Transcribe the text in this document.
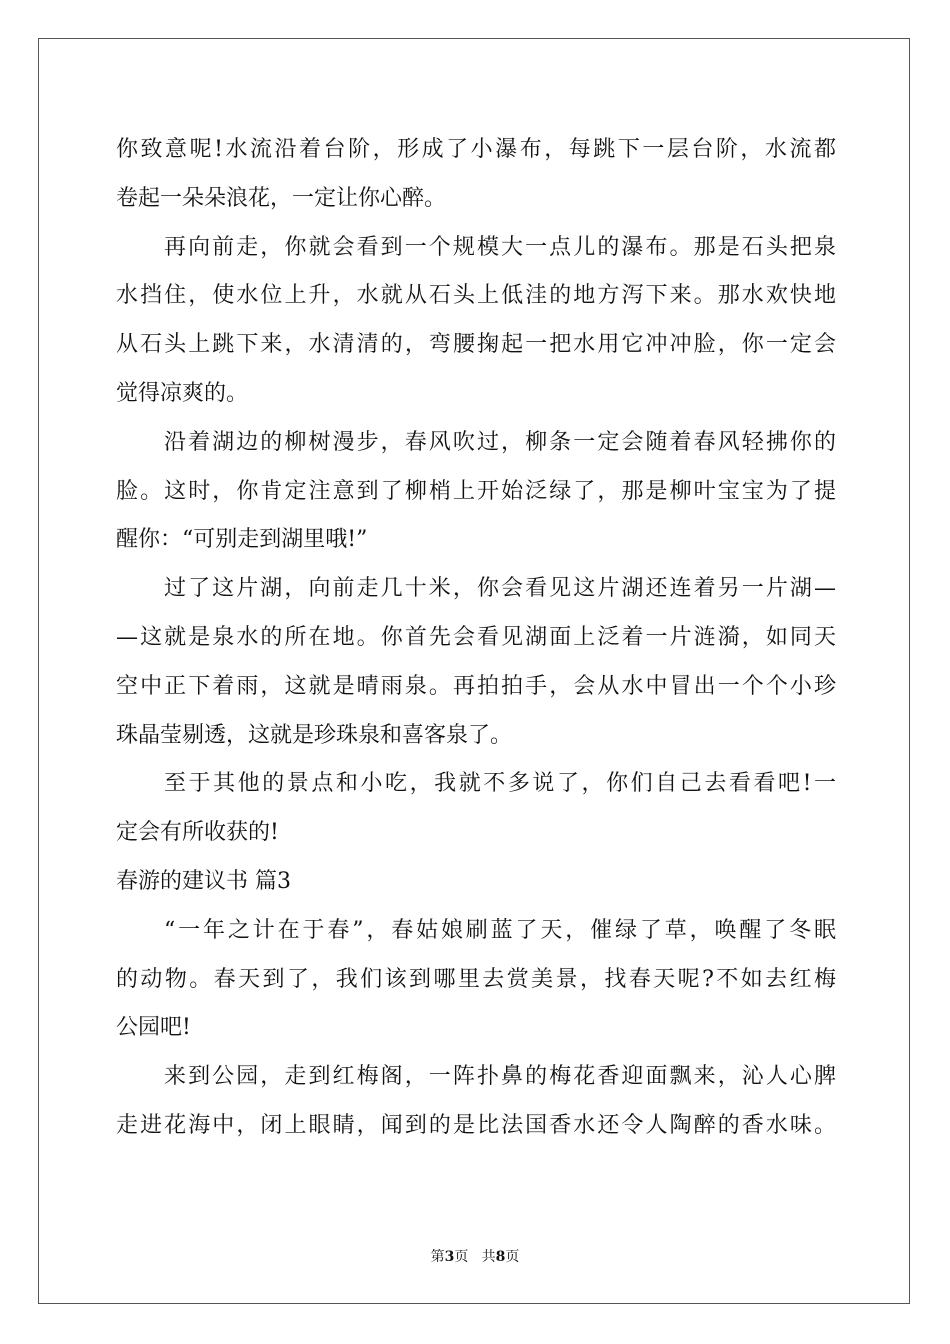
你致意呢!水流沿着台阶，形成了小瀑布，每跳下一层台阶，水流都
卷起一朵朵浪花，一定让你心醉。
再向前走，你就会看到一个规模大一点儿的瀑布。那是石头把泉
水挡住，使水位上升，水就从石头上低洼的地方泻下来。那水欢快地
从石头上跳下来，水清清的，弯腰掬起一把水用它冲冲脸，你一定会
觉得凉爽的。
沿着湖边的柳树漫步，春风吹过，柳条一定会随着春风轻拂你的
脸。这时，你肯定注意到了柳梢上开始泛绿了，那是柳叶宝宝为了提
醒你：“可别走到湖里哦!”
过了这片湖，向前走几十米，你会看见这片湖还连着另一片湖—
—这就是泉水的所在地。你首先会看见湖面上泛着一片涟漪，如同天
空中正下着雨，这就是晴雨泉。再拍拍手，会从水中冒出一个个小珍
珠晶莹剔透，这就是珍珠泉和喜客泉了。
至于其他的景点和小吃，我就不多说了，你们自己去看看吧!一
定会有所收获的!
春游的建议书 篇3
“一年之计在于春”，春姑娘刷蓝了天，催绿了草，唤醒了冬眠
的动物。春天到了，我们该到哪里去赏美景，找春天呢?不如去红梅
公园吧!
来到公园，走到红梅阁，一阵扑鼻的梅花香迎面飘来，沁人心脾
走进花海中，闭上眼睛，闻到的是比法国香水还令人陶醉的香水味。
第3页 共8页
